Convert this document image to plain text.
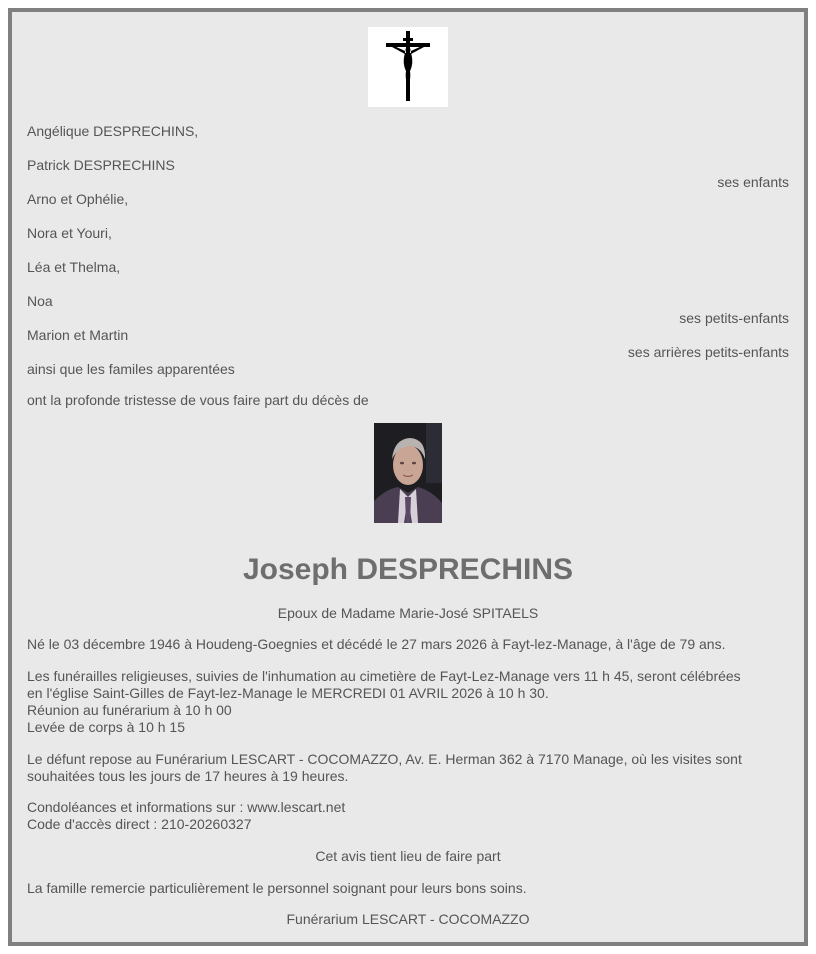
Angélique DESPRECHINS,
Patrick DESPRECHINS
ses enfants
Arno et Ophélie,
Nora et Youri,
Léa et Thelma,
Noa
ses petits-enfants
Marion et Martin
ses arrières petits-enfants
ainsi que les familes apparentées
ont la profonde tristesse de vous faire part du décès de
Joseph DESPRECHINS
Epoux de Madame Marie-José SPITAELS
Né le 03 décembre 1946 à Houdeng-Goegnies et décédé le 27 mars 2026 à Fayt-lez-Manage, à l'âge de 79 ans.
Les funérailles religieuses, suivies de l'inhumation au cimetière de Fayt-Lez-Manage vers 11 h 45, seront célébrées
en l'église Saint-Gilles de Fayt-lez-Manage le MERCREDI 01 AVRIL 2026 à 10 h 30.
Réunion au funérarium à 10 h 00
Levée de corps à 10 h 15
Le défunt repose au Funérarium LESCART - COCOMAZZO, Av. E. Herman 362 à 7170 Manage, où les visites sont
souhaitées tous les jours de 17 heures à 19 heures.
Condoléances et informations sur : www.lescart.net
Code d'accès direct : 210-20260327
Cet avis tient lieu de faire part
La famille remercie particulièrement le personnel soignant pour leurs bons soins.
Funérarium LESCART - COCOMAZZO
